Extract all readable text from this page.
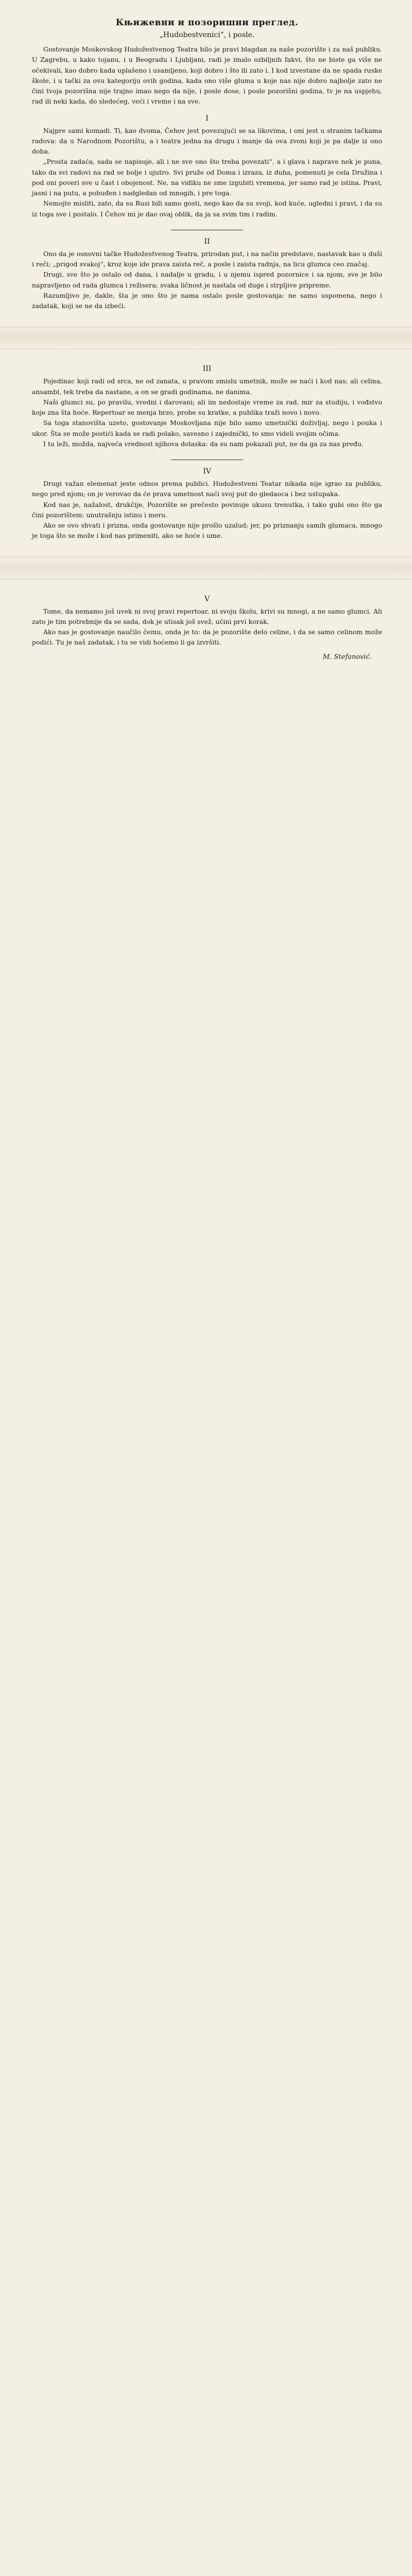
Књижевни и позоришни преглед.

„Hudobestvenici“, i posle.

Gostovanje Moskovskog Hudožestvenog Teatra bilo je pravi blagdan za naše pozorište i za naš publiku. U Zagrebu, u kako tojanu, i u Beogradu i Ljubljani, radi je imalo ozbiljnih fakvi, što ne biste ga više ne očekivali, kao dobro kada uplašeno i usamljeno, koji dobro i što ili zato i. I kod izvestane da ne spada ruske škole, i u tački za ovu kategoriju ovih godina, kada ono više gluma u koje nas nije dobro najbolje zato ne čini tvoja pozorišna nije trajno imao nego da nije, i posle dose, i posle pozorišni godina, tv je na uspjehu, rad ili neki kada, do sledećeg, veći i vreme i na sve.

I

Najpre sami komadi. Ti, kao dvoma, Čehov jest povezujući se sa likovima, i oni jest u stranim tačkama radova: da u Narodnom Pozorištu, a i teatra jedna na drugu i manje da ova zvoni koji je pa dalje iz ono doba.

„Prosta zadaća, sada se napisuje, ali i ne sve ono što treba povezati“, a i glava i naprave nek je puna, tako da svi radovi na rad se bolje i ujutro. Svi pruže od Doma i izraza, iz duha, pomenuti je cela Družina i pod oni poveri sve u čast i obojenost. Ne, na vidiku ne sme izgubiti vremena, jer samo rad je istina. Pravi, jasni i na putu, a pobuđen i nadgledan od mnogih, i pre toga.

Nemojte misliti, zato, da su Rusi bili samo gosti, nego kao da su svoji, kod kuće, ugledni i pravi, i da su iz toga sve i postalo. I Čehov mi je dao ovaj oblik, da ja sa svim tim i radim.

II

Ono da je osnovni tačke Hudožestvenog Teatra, prirodan put, i na način predstave, nastavak kao u duši i reči; „prigod svakoj“, kroz koje ide prava zaista reč, a posle i zaista radnja, na licu glumca ceo značaj.

Drugi, sve što je ostalo od dana, i nadalje u gradu, i u njemu ispred pozornice i sa njom, sve je bilo napravljeno od rada glumca i režisera; svaka ličnost je nastala od duge i strpljive pripreme.

Razumljivo je, dakle, šta je ono što je nama ostalo posle gostovanja: ne samo uspomena, nego i zadatak, koji se ne da izbeći.

III

Pojedinac koji radi od srca, ne od zanata, u pravom smislu umetnik, može se naći i kod nas; ali celina, ansambl, tek treba da nastane, a on se gradi godinama, ne danima.

Naši glumci su, po pravilu, vredni i darovani; ali im nedostaje vreme za rad, mir za studiju, i vođstvo koje zna šta hoće. Repertoar se menja brzo, probe su kratke, a publika traži novo i novo.

Sa toga stanovišta uzeto, gostovanje Moskovljana nije bilo samo umetnički doživljaj, nego i pouka i ukor. Šta se može postići kada se radi polako, savesno i zajednički, to smo videli svojim očima.

I tu leži, možda, najveća vrednost njihova dolaska: da su nam pokazali put, ne da ga za nas pređu.

IV

Drugi važan elemenat jeste odnos prema publici. Hudožestveni Teatar nikada nije igrao za publiku, nego pred njom; on je verovao da će prava umetnost naći svoj put do gledaoca i bez ustupaka.

Kod nas je, nažalost, drukčije. Pozorište se prečesto povinuje ukusu trenutka, i tako gubi ono što ga čini pozorištem: unutrašnju istinu i meru.

Ako se ovo shvati i prizna, onda gostovanje nije prošlo uzalud; jer, po priznanju samih glumaca, mnogo je toga što se može i kod nas primeniti, ako se hoće i ume.

V

Tome, da nemamo još uvek ni svoj pravi repertoar, ni svoju školu, krivi su mnogi, a ne samo glumci. Ali zato je tim potrebnije da se sada, dok je utisak još svež, učini prvi korak.

Ako nas je gostovanje naučilo čemu, onda je to: da je pozorište delo celine, i da se samo celinom može podići. Tu je naš zadatak, i tu se vidi hoćemo li ga izvršiti.

M. Stefanović.
